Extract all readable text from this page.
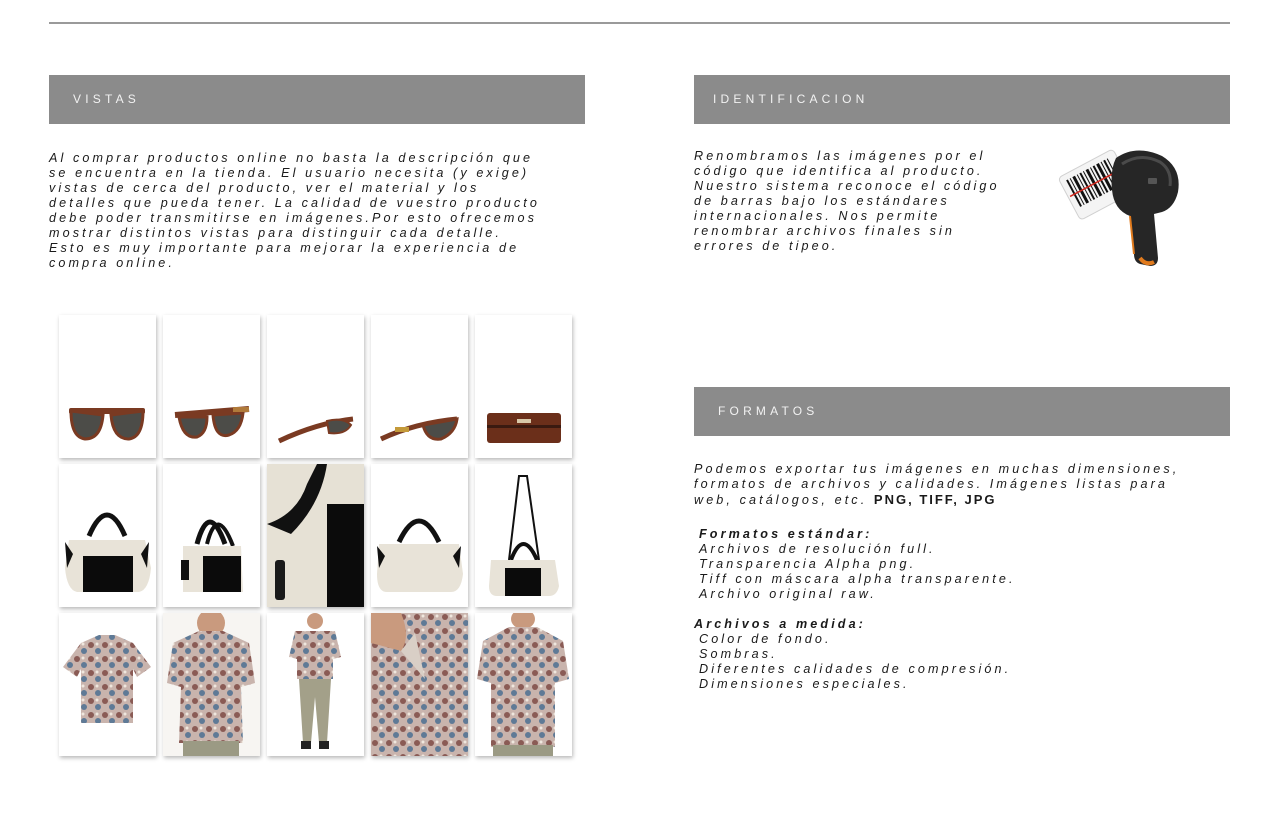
VISTAS
Al comprar productos online no basta la descripción que
se encuentra en la tienda. El usuario necesita (y exige)
vistas de cerca del producto, ver el material y los
detalles que pueda tener. La calidad de vuestro producto
debe poder transmitirse en imágenes.Por esto ofrecemos
mostrar distintos vistas para distinguir cada detalle.
Esto es muy importante para mejorar la experiencia de
compra online.
IDENTIFICACION
Renombramos las imágenes por el
código que identifica al producto.
Nuestro sistema reconoce el código
de barras bajo los estándares
internacionales. Nos permite
renombrar archivos finales sin
errores de tipeo.
FORMATOS
Podemos exportar tus imágenes en muchas dimensiones,
formatos de archivos y calidades. Imágenes listas para
web, catálogos, etc. PNG, TIFF, JPG
Formatos estándar:
Archivos de resolución full.
Transparencia Alpha png.
Tiff con máscara alpha transparente.
Archivo original raw.
Archivos a medida:
Color de fondo.
Sombras.
Diferentes calidades de compresión.
Dimensiones especiales.
